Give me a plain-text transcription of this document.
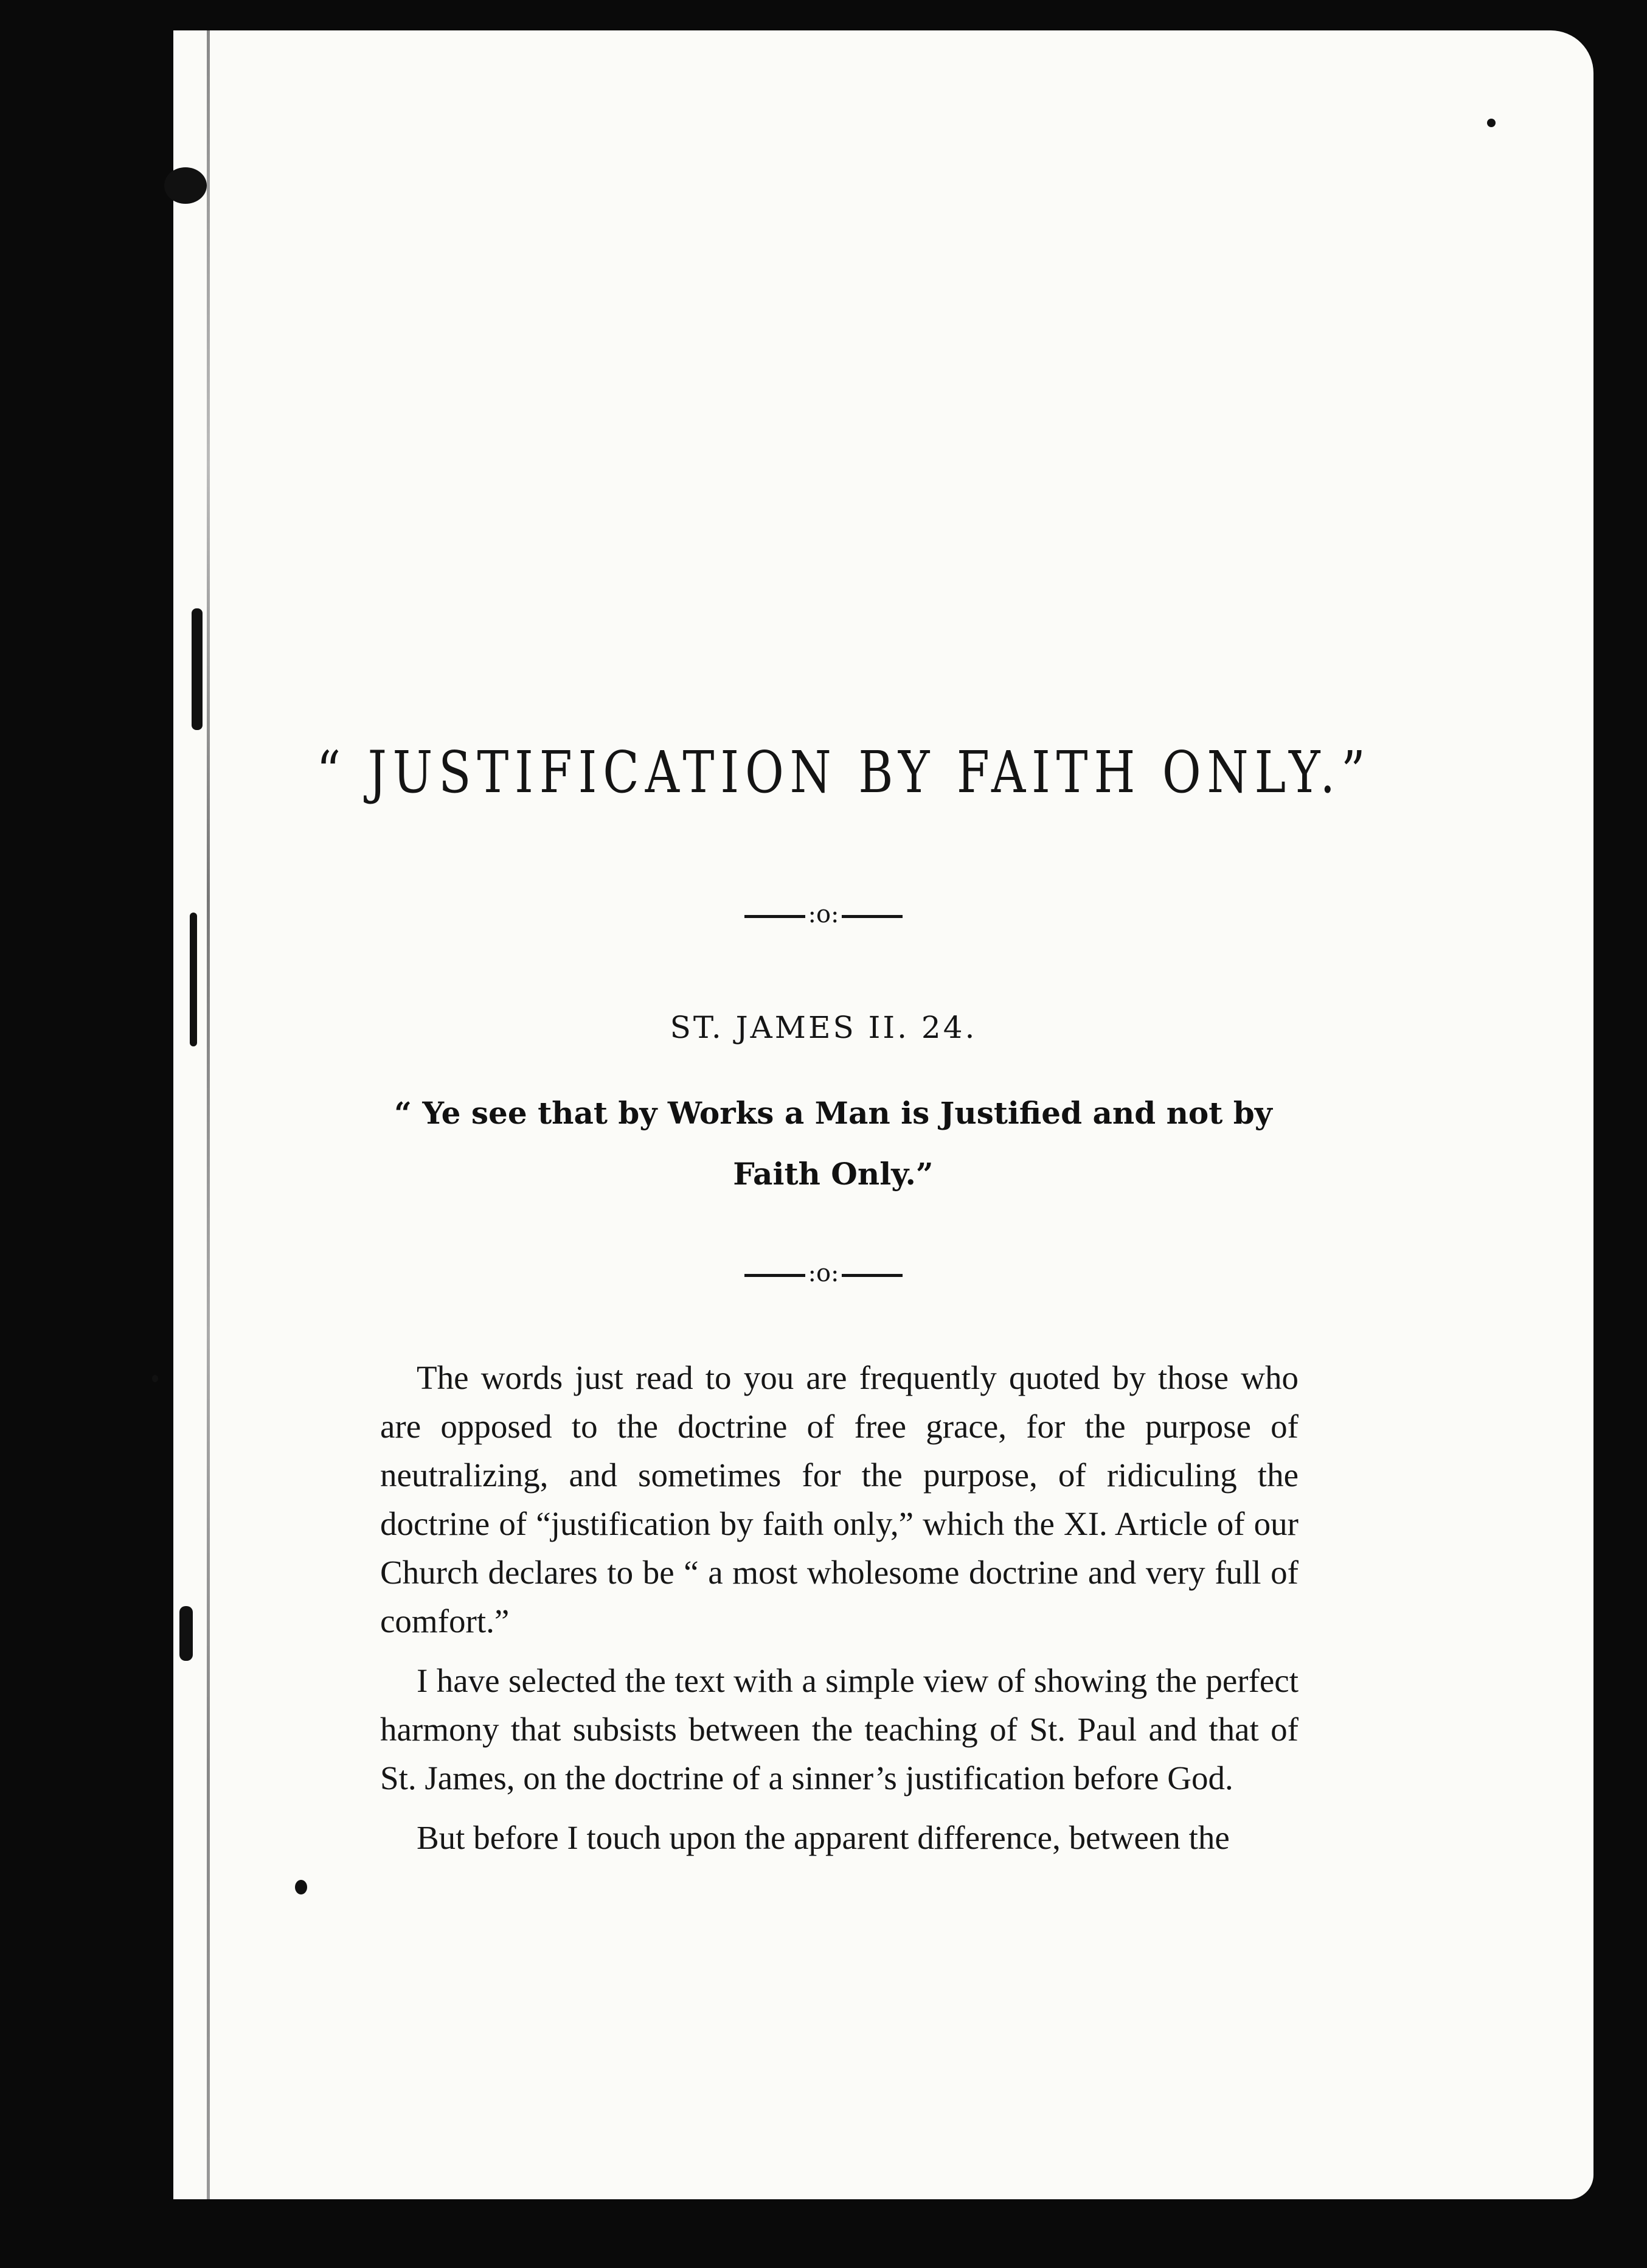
“ JUSTIFICATION BY FAITH ONLY.”
:o:
ST. JAMES II. 24.
“ Ye see that by Works a Man is Justified and not by
Faith Only.”
:o:

The words just read to you are frequently quoted by those who are opposed to the doctrine of free grace, for the purpose of neutralizing, and sometimes for the purpose, of ridiculing the doctrine of “justification by faith only,” which the XI. Article of our Church declares to be “ a most wholesome doctrine and very full of comfort.”

I have selected the text with a simple view of showing the perfect harmony that subsists between the teaching of St. Paul and that of St. James, on the doctrine of a sinner’s justification before God.

But before I touch upon the apparent difference, between the
